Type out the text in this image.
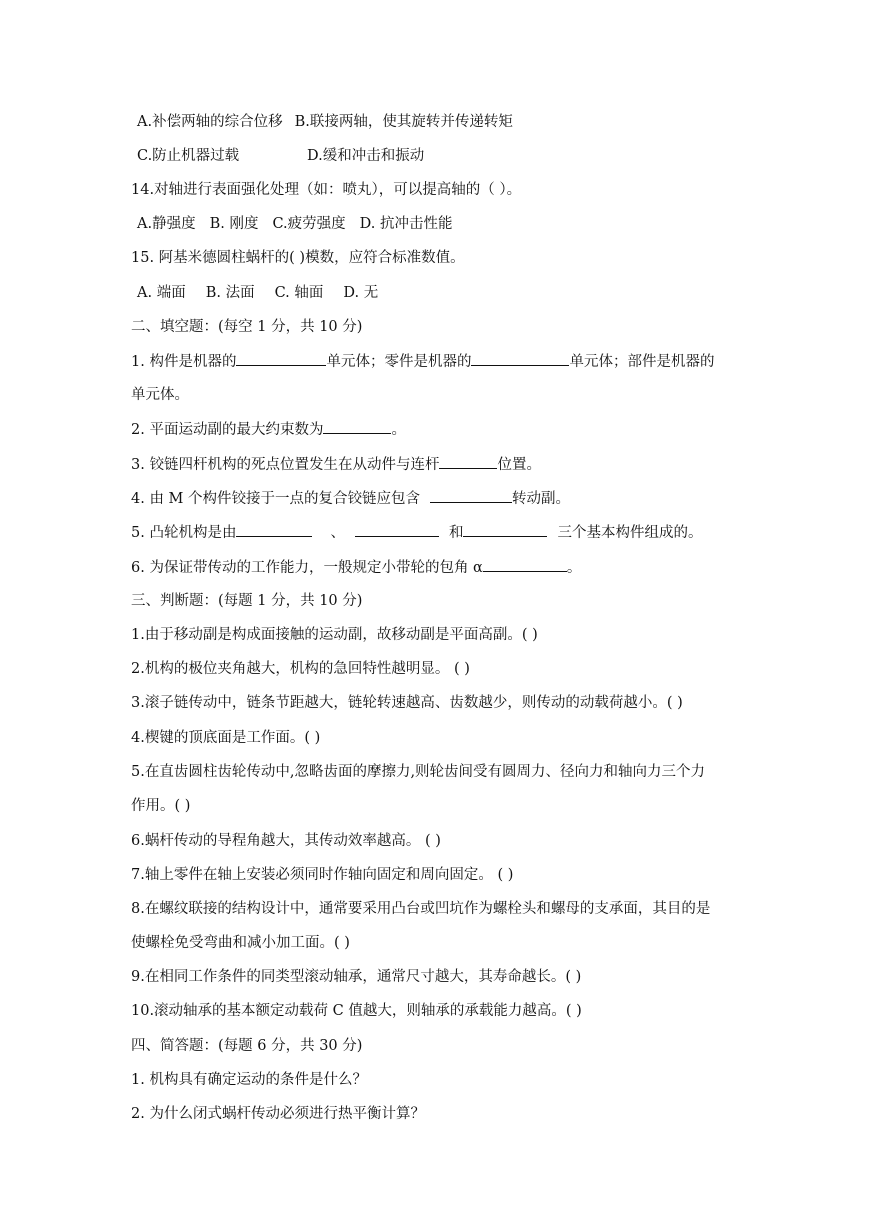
A.补偿两轴的综合位移 B.联接两轴，使其旋转并传递转矩
C.防止机器过载	D.缓和冲击和振动
14.对轴进行表面强化处理（如：喷丸），可以提高轴的（ ）。
A.静强度 B. 刚度 C.疲劳强度 D. 抗冲击性能
15. 阿基米德圆柱蜗杆的( )模数，应符合标准数值。
A. 端面 B. 法面 C. 轴面 D. 无
二、填空题：(每空 1 分，共 10 分)
1. 构件是机器的	单元体；零件是机器的	单元体；部件是机器的
单元体。
2. 平面运动副的最大约束数为	。
3. 铰链四杆机构的死点位置发生在从动件与连杆	位置。
4. 由 M 个构件铰接于一点的复合铰链应包含	转动副。
5. 凸轮机构是由	、	和	三个基本构件组成的。
6. 为保证带传动的工作能力，一般规定小带轮的包角 α	。
三、判断题：(每题 1 分，共 10 分)
1.由于移动副是构成面接触的运动副，故移动副是平面高副。( )
2.机构的极位夹角越大，机构的急回特性越明显。 ( )
3.滚子链传动中，链条节距越大，链轮转速越高、齿数越少，则传动的动载荷越小。( )
4.楔键的顶底面是工作面。( )
5.在直齿圆柱齿轮传动中,忽略齿面的摩擦力,则轮齿间受有圆周力、径向力和轴向力三个力
作用。( )
6.蜗杆传动的导程角越大，其传动效率越高。 ( )
7.轴上零件在轴上安装必须同时作轴向固定和周向固定。 ( )
8.在螺纹联接的结构设计中，通常要采用凸台或凹坑作为螺栓头和螺母的支承面，其目的是
使螺栓免受弯曲和减小加工面。( )
9.在相同工作条件的同类型滚动轴承，通常尺寸越大，其寿命越长。( )
10.滚动轴承的基本额定动载荷 C 值越大，则轴承的承载能力越高。( )
四、简答题：(每题 6 分，共 30 分)
1. 机构具有确定运动的条件是什么？
2. 为什么闭式蜗杆传动必须进行热平衡计算？
